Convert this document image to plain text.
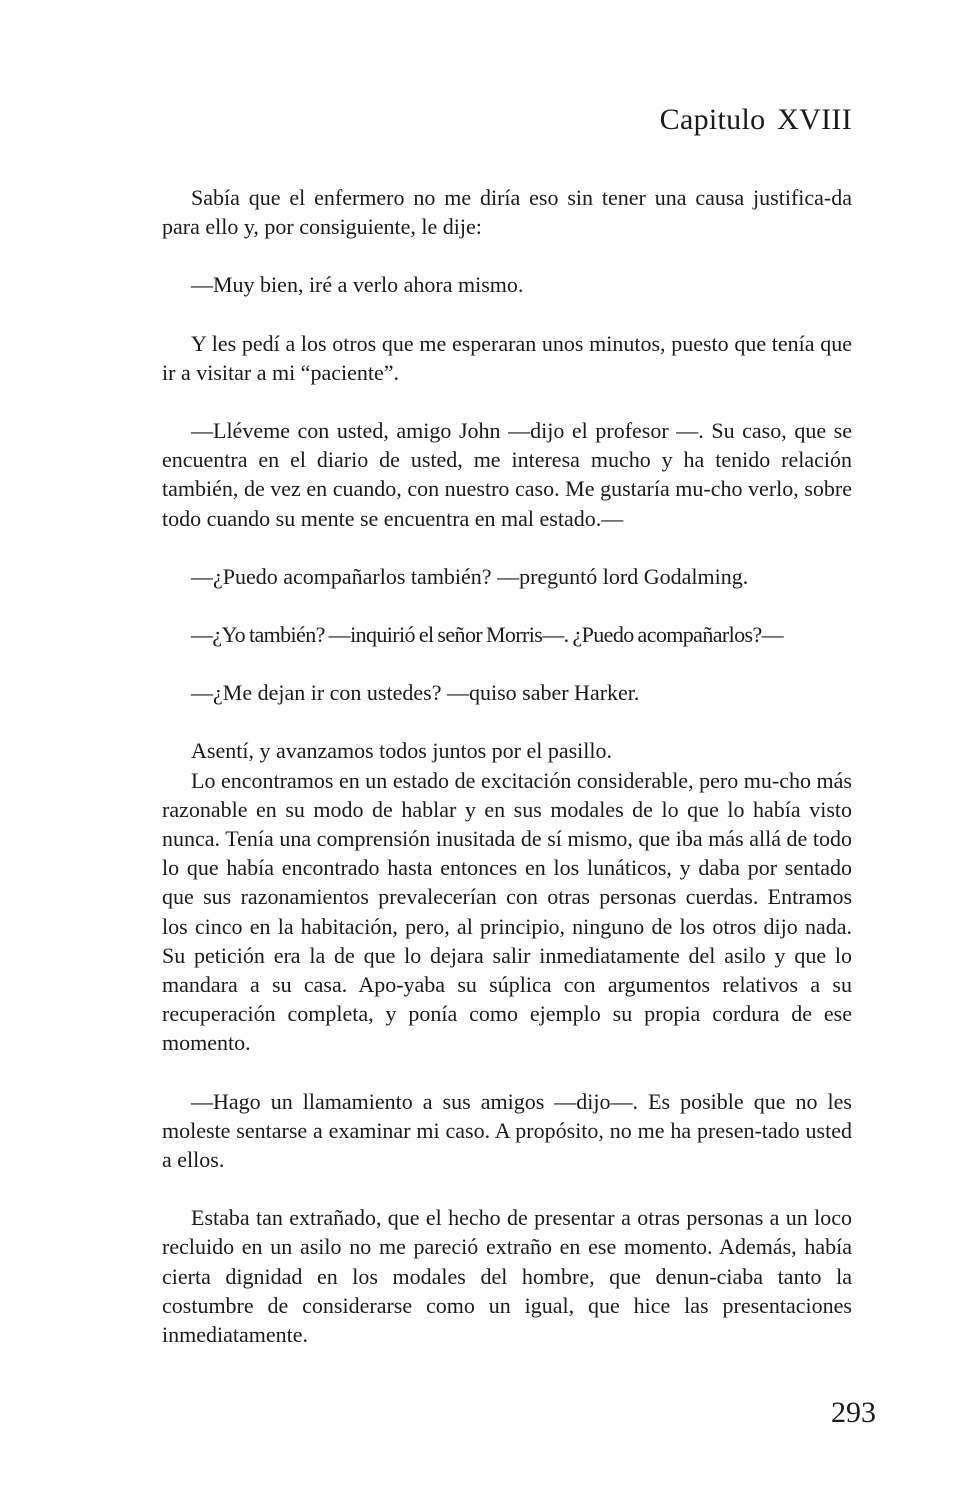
Capitulo XVIII

Sabía que el enfermero no me diría eso sin tener una causa justifica-da para ello y, por consiguiente, le dije:

—Muy bien, iré a verlo ahora mismo.

Y les pedí a los otros que me esperaran unos minutos, puesto que tenía que ir a visitar a mi “paciente”.

—Lléveme con usted, amigo John —dijo el profesor —. Su caso, que se encuentra en el diario de usted, me interesa mucho y ha tenido relación también, de vez en cuando, con nuestro caso. Me gustaría mu-cho verlo, sobre todo cuando su mente se encuentra en mal estado.—

—¿Puedo acompañarlos también? —preguntó lord Godalming.

—¿Yo también? —inquirió el señor Morris—. ¿Puedo acompañarlos?—

—¿Me dejan ir con ustedes? —quiso saber Harker.

Asentí, y avanzamos todos juntos por el pasillo.

Lo encontramos en un estado de excitación considerable, pero mu-cho más razonable en su modo de hablar y en sus modales de lo que lo había visto nunca. Tenía una comprensión inusitada de sí mismo, que iba más allá de todo lo que había encontrado hasta entonces en los lunáticos, y daba por sentado que sus razonamientos prevalecerían con otras personas cuerdas. Entramos los cinco en la habitación, pero, al principio, ninguno de los otros dijo nada. Su petición era la de que lo dejara salir inmediatamente del asilo y que lo mandara a su casa. Apo-yaba su súplica con argumentos relativos a su recuperación completa, y ponía como ejemplo su propia cordura de ese momento.

—Hago un llamamiento a sus amigos —dijo—. Es posible que no les moleste sentarse a examinar mi caso. A propósito, no me ha presen-tado usted a ellos.

Estaba tan extrañado, que el hecho de presentar a otras personas a un loco recluido en un asilo no me pareció extraño en ese momento. Además, había cierta dignidad en los modales del hombre, que denun-ciaba tanto la costumbre de considerarse como un igual, que hice las presentaciones inmediatamente.

293
